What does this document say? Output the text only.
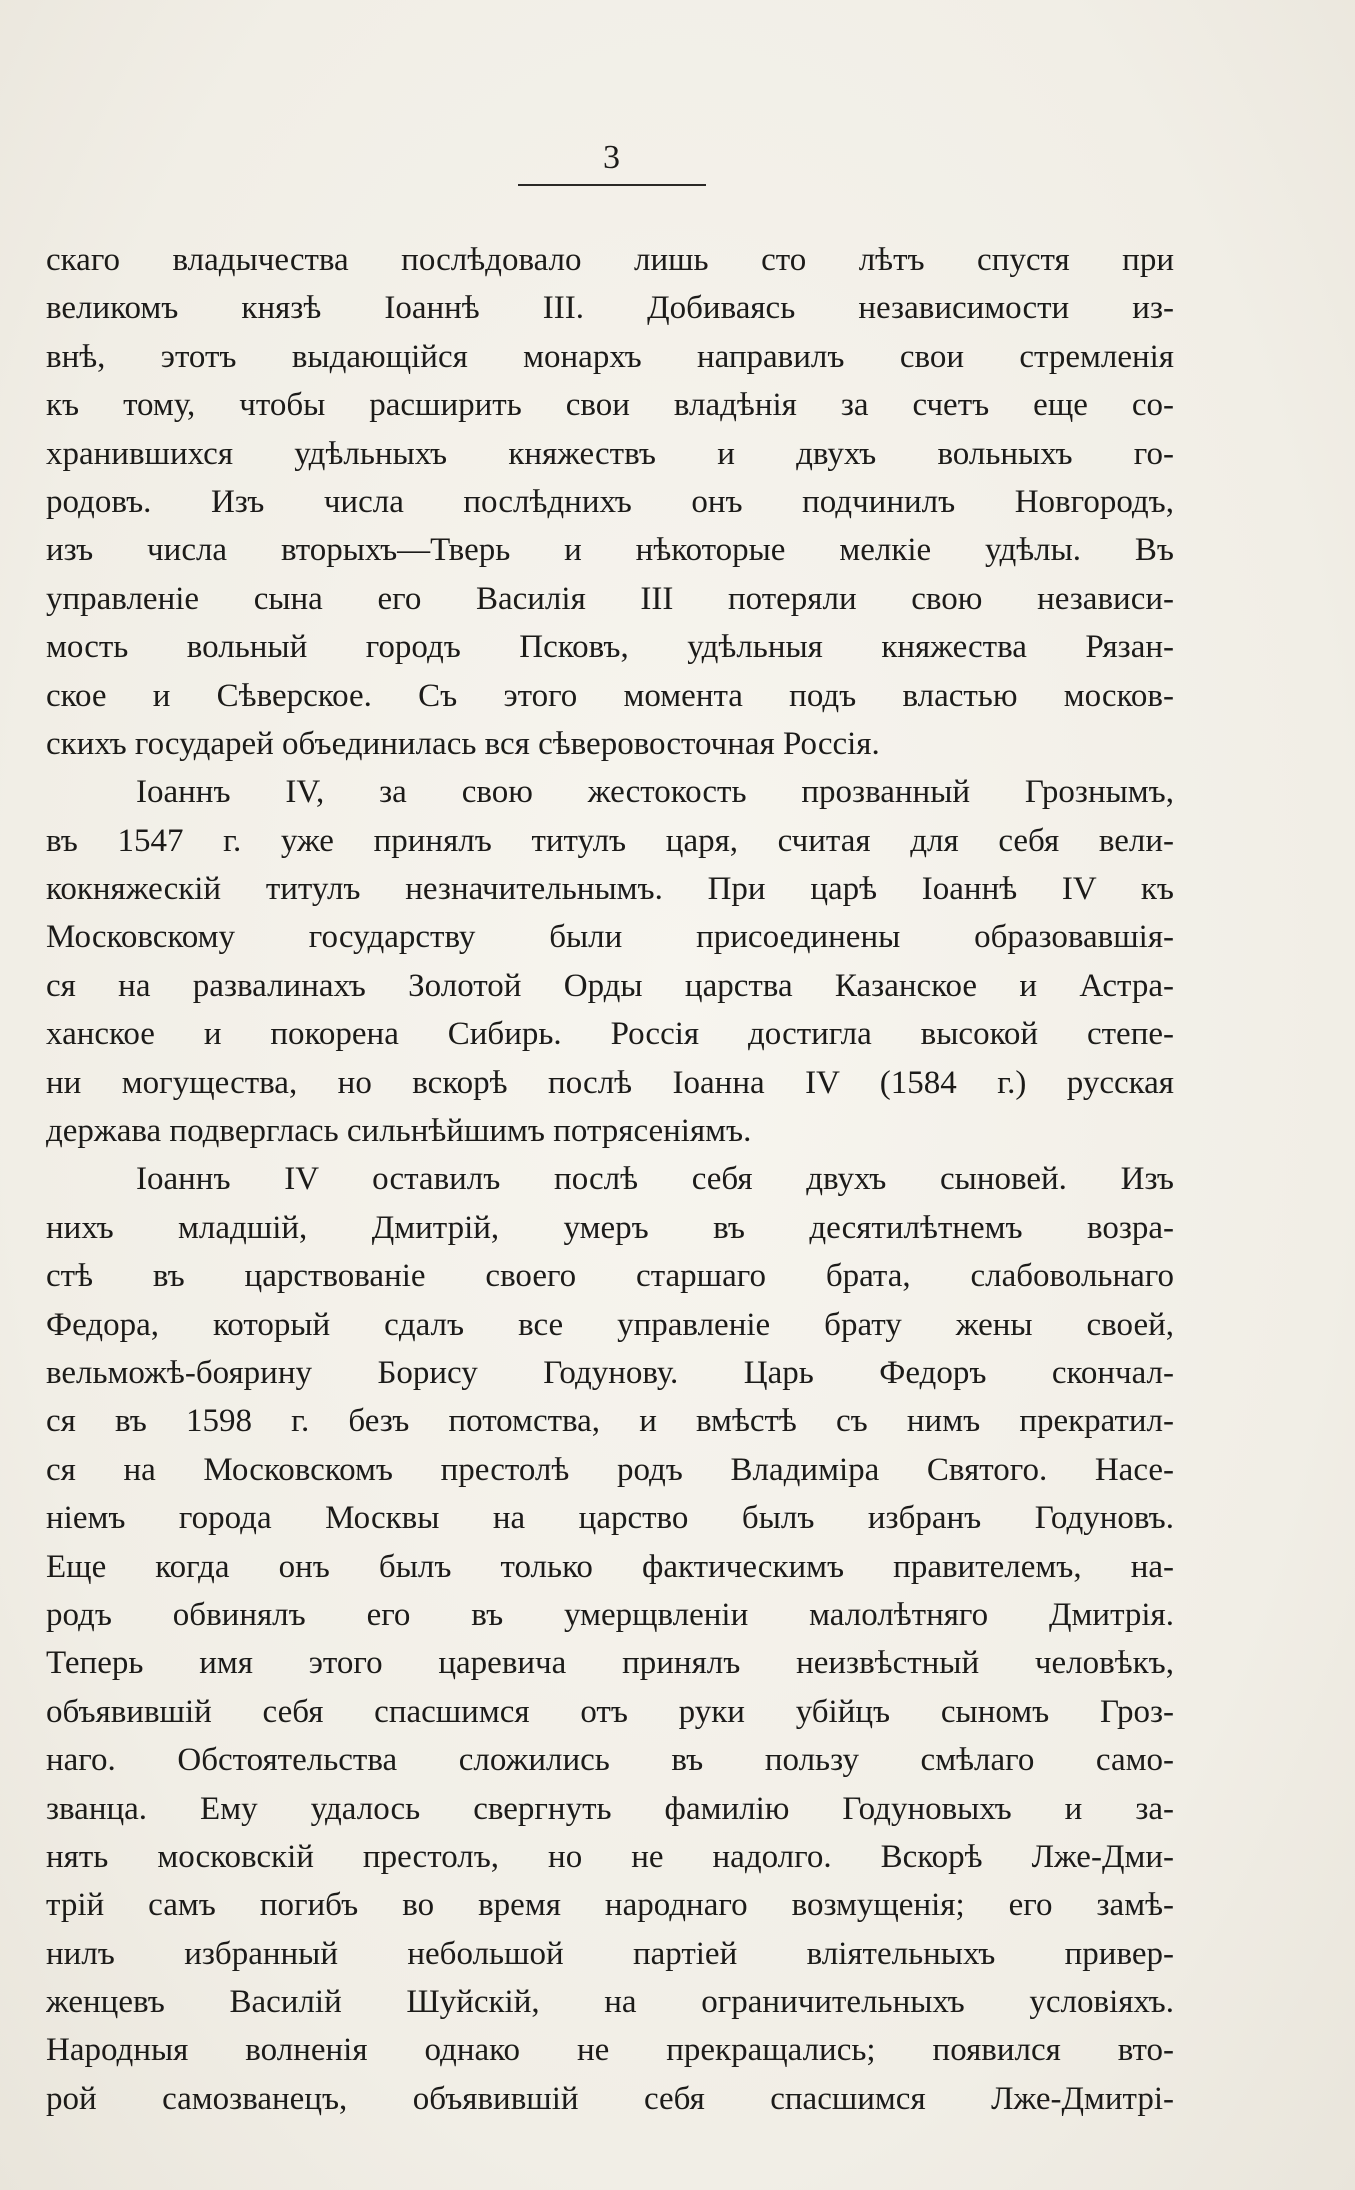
3
скаго владычества послѣдовало лишь сто лѣтъ спустя при
великомъ князѣ Іоаннѣ III. Добиваясь независимости из-
внѣ, этотъ выдающійся монархъ направилъ свои стремленія
къ тому, чтобы расширить свои владѣнія за счетъ еще со-
хранившихся удѣльныхъ княжествъ и двухъ вольныхъ го-
родовъ. Изъ числа послѣднихъ онъ подчинилъ Новгородъ,
изъ числа вторыхъ—Тверь и нѣкоторые мелкіе удѣлы. Въ
управленіе сына его Василія III потеряли свою независи-
мость вольный городъ Псковъ, удѣльныя княжества Рязан-
ское и Сѣверское. Съ этого момента подъ властью москов-
скихъ государей объединилась вся сѣверовосточная Россія.
Іоаннъ IV, за свою жестокость прозванный Грознымъ,
въ 1547 г. уже принялъ титулъ царя, считая для себя вели-
кокняжескій титулъ незначительнымъ. При царѣ Іоаннѣ IV къ
Московскому государству были присоединены образовавшія-
ся на развалинахъ Золотой Орды царства Казанское и Астра-
ханское и покорена Сибирь. Россія достигла высокой степе-
ни могущества, но вскорѣ послѣ Іоанна IV (1584 г.) русская
держава подверглась сильнѣйшимъ потрясеніямъ.
Іоаннъ IV оставилъ послѣ себя двухъ сыновей. Изъ
нихъ младшій, Дмитрій, умеръ въ десятилѣтнемъ возра-
стѣ въ царствованіе своего старшаго брата, слабовольнаго
Федора, который сдалъ все управленіе брату жены своей,
вельможѣ-боярину Борису Годунову. Царь Федоръ скончал-
ся въ 1598 г. безъ потомства, и вмѣстѣ съ нимъ прекратил-
ся на Московскомъ престолѣ родъ Владиміра Святого. Насе-
ніемъ города Москвы на царство былъ избранъ Годуновъ.
Еще когда онъ былъ только фактическимъ правителемъ, на-
родъ обвинялъ его въ умерщвленіи малолѣтняго Дмитрія.
Теперь имя этого царевича принялъ неизвѣстный человѣкъ,
объявившій себя спасшимся отъ руки убійцъ сыномъ Гроз-
наго. Обстоятельства сложились въ пользу смѣлаго само-
званца. Ему удалось свергнуть фамилію Годуновыхъ и за-
нять московскій престолъ, но не надолго. Вскорѣ Лже-Дми-
трій самъ погибъ во время народнаго возмущенія; его замѣ-
нилъ избранный небольшой партіей вліятельныхъ привер-
женцевъ Василій Шуйскій, на ограничительныхъ условіяхъ.
Народныя волненія однако не прекращались; появился вто-
рой самозванецъ, объявившій себя спасшимся Лже-Дмитрі-
